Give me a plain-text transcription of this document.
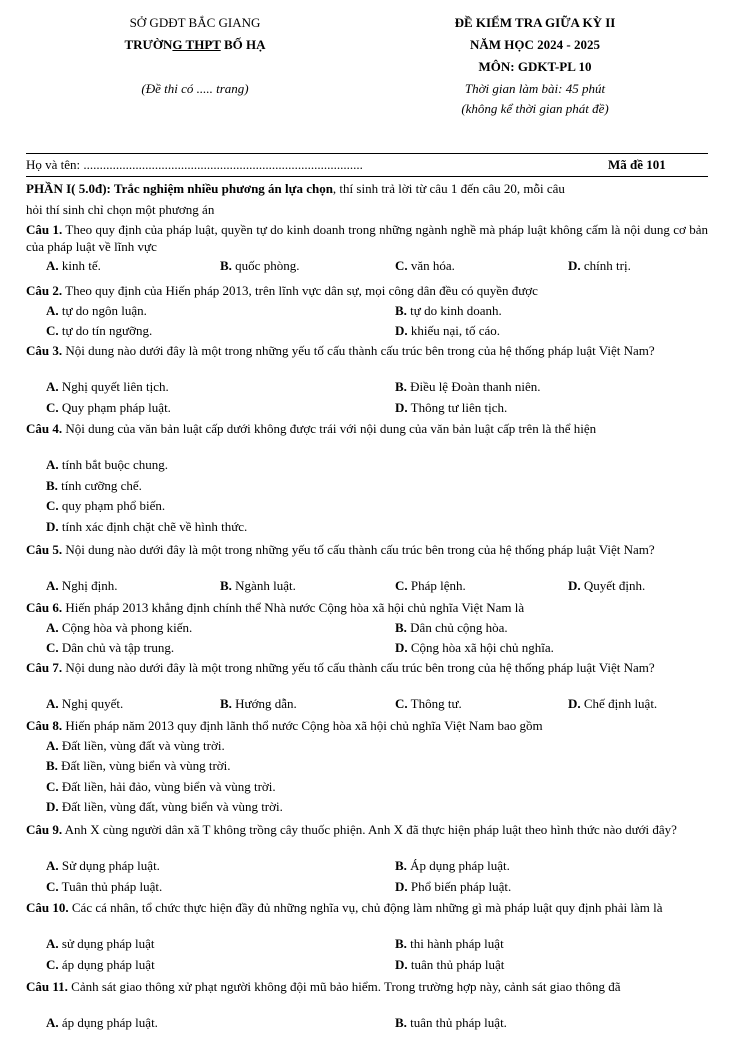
SỞ GDĐT BẮC GIANG
TRƯỜNG THPT BỐ HẠ
(Đề thi có ..... trang)
ĐỀ KIỂM TRA GIỮA KỲ II
NĂM HỌC 2024 - 2025
MÔN: GDKT-PL 10
Thời gian làm bài: 45 phút
(không kể thời gian phát đề)
Họ và tên: ......................................................................................	Mã đề 101
PHẦN I( 5.0đ): Trắc nghiệm nhiều phương án lựa chọn, thí sinh trả lời từ câu 1 đến câu 20, mỗi câu
hỏi thí sinh chỉ chọn một phương án
Câu 1. Theo quy định của pháp luật, quyền tự do kinh doanh trong những ngành nghề mà pháp luật không cấm là nội dung cơ bản của pháp luật về lĩnh vực
A. kinh tế.	B. quốc phòng.	C. văn hóa.	D. chính trị.
Câu 2. Theo quy định của Hiến pháp 2013, trên lĩnh vực dân sự, mọi công dân đều có quyền được
A. tự do ngôn luận.	B. tự do kinh doanh.
C. tự do tín ngưỡng.	D. khiếu nại, tố cáo.
Câu 3. Nội dung nào dưới đây là một trong những yếu tố cấu thành cấu trúc bên trong của hệ thống pháp luật Việt Nam?
A. Nghị quyết liên tịch.	B. Điều lệ Đoàn thanh niên.
C. Quy phạm pháp luật.	D. Thông tư liên tịch.
Câu 4. Nội dung của văn bản luật cấp dưới không được trái với nội dung của văn bản luật cấp trên là thể hiện
A. tính bắt buộc chung.
B. tính cưỡng chế.
C. quy phạm phổ biến.
D. tính xác định chặt chẽ về hình thức.
Câu 5. Nội dung nào dưới đây là một trong những yếu tố cấu thành cấu trúc bên trong của hệ thống pháp luật Việt Nam?
A. Nghị định.	B. Ngành luật.	C. Pháp lệnh.	D. Quyết định.
Câu 6. Hiến pháp 2013 khẳng định chính thể Nhà nước Cộng hòa xã hội chủ nghĩa Việt Nam là
A. Cộng hòa và phong kiến.	B. Dân chủ cộng hòa.
C. Dân chủ và tập trung.	D. Cộng hòa xã hội chủ nghĩa.
Câu 7. Nội dung nào dưới đây là một trong những yếu tố cấu thành cấu trúc bên trong của hệ thống pháp luật Việt Nam?
A. Nghị quyết.	B. Hướng dẫn.	C. Thông tư.	D. Chế định luật.
Câu 8. Hiến pháp năm 2013 quy định lãnh thổ nước Cộng hòa xã hội chủ nghĩa Việt Nam bao gồm
A. Đất liền, vùng đất và vùng trời.
B. Đất liền, vùng biển và vùng trời.
C. Đất liền, hải đảo, vùng biển và vùng trời.
D. Đất liền, vùng đất, vùng biển và vùng trời.
Câu 9. Anh X cùng người dân xã T không trồng cây thuốc phiện. Anh X đã thực hiện pháp luật theo hình thức nào dưới đây?
A. Sử dụng pháp luật.	B. Áp dụng pháp luật.
C. Tuân thủ pháp luật.	D. Phổ biến pháp luật.
Câu 10. Các cá nhân, tổ chức thực hiện đầy đủ những nghĩa vụ, chủ động làm những gì mà pháp luật quy định phải làm là
A. sử dụng pháp luật	B. thi hành pháp luật
C. áp dụng pháp luật	D. tuân thủ pháp luật
Câu 11. Cảnh sát giao thông xử phạt người không đội mũ bảo hiểm. Trong trường hợp này, cảnh sát giao thông đã
A. áp dụng pháp luật.	B. tuân thủ pháp luật.
